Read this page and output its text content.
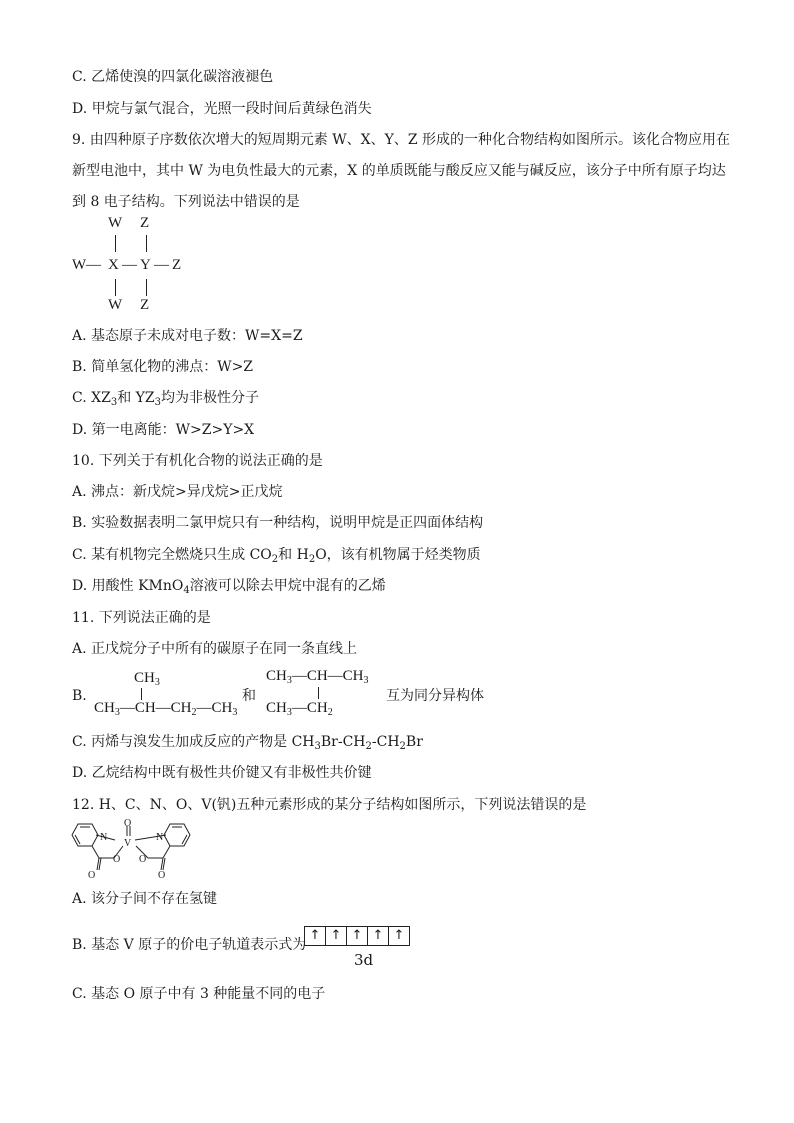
C. 乙烯使溴的四氯化碳溶液褪色
D. 甲烷与氯气混合，光照一段时间后黄绿色消失
9. 由四种原子序数依次增大的短周期元素 W、X、Y、Z 形成的一种化合物结构如图所示。该化合物应用在新型电池中，其中 W 为电负性最大的元素，X 的单质既能与酸反应又能与碱反应，该分子中所有原子均达到 8 电子结构。下列说法中错误的是
W Z
W — X — Y — Z
W Z
A. 基态原子未成对电子数：W=X=Z
B. 简单氢化物的沸点：W>Z
C. $XZ_3$和 $YZ_3$均为非极性分子
D. 第一电离能：W>Z>Y>X
10. 下列关于有机化合物的说法正确的是
A. 沸点：新戊烷>异戊烷>正戊烷
B. 实验数据表明二氯甲烷只有一种结构，说明甲烷是正四面体结构
C. 某有机物完全燃烧只生成 $CO_2$和 $H_2O$，该有机物属于烃类物质
D. 用酸性 KMnO$_4$溶液可以除去甲烷中混有的乙烯
11. 下列说法正确的是
A. 正戊烷分子中所有的碳原子在同一条直线上
B.
$CH_3$
$CH_3—CH—CH_2—CH_3$
和
$CH_3—CH—CH_3$
$CH_3—CH_2$
互为同分异构体
C. 丙烯与溴发生加成反应的产物是 $CH_3Br-CH_2-CH_2Br$
D. 乙烷结构中既有极性共价键又有非极性共价键
12. H、C、N、O、V(钒)五种元素形成的某分子结构如图所示，下列说法错误的是
N	N
O
V
O O
O	O
A. 该分子间不存在氢键
B. 基态 V 原子的价电子轨道表示式为
↑ ↑ ↑ ↑ ↑
3d
C. 基态 O 原子中有 3 种能量不同的电子
